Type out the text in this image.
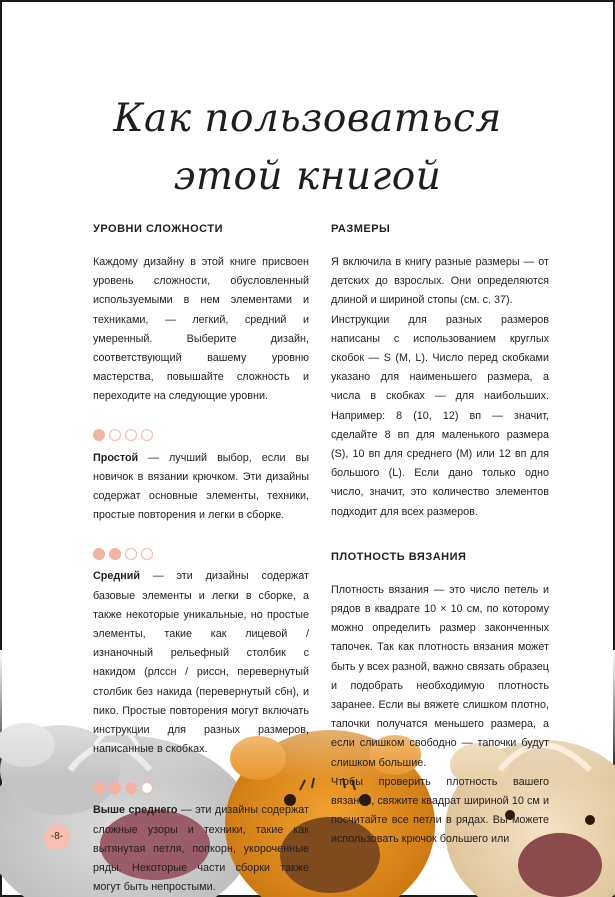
Как пользоваться
этой книгой
УРОВНИ СЛОЖНОСТИ

Каждому дизайну в этой книге присвоен уровень сложности, обусловленный используемыми в нем элементами и техниками, — легкий, средний и умеренный. Выберите дизайн, соответствующий вашему уровню мастерства, повышайте сложность и переходите на следующие уровни.

Простой — лучший выбор, если вы новичок в вязании крючком. Эти дизайны содержат основные элементы, техники, простые повторения и легки в сборке.

Средний — эти дизайны содержат базовые элементы и легки в сборке, а также некоторые уникальные, но простые элементы, такие как лицевой / изнаночный рельефный столбик с накидом (рлссн / риссн, перевернутый столбик без накида (перевернутый сбн), и пико. Простые повторения могут включать инструкции для разных размеров, написанные в скобках.

Выше среднего — эти дизайны содержат сложные узоры и техники, такие как вытянутая петля, попкорн, укороченные ряды. Некоторые части сборки также могут быть непростыми.

РАЗМЕРЫ

Я включила в книгу разные размеры — от детских до взрослых. Они определяются длиной и шириной стопы (см. с. 37).

Инструкции для разных размеров написаны с использованием круглых скобок — S (M, L). Число перед скобками указано для наименьшего размера, а числа в скобках — для наибольших. Например: 8 (10, 12) вп — значит, сделайте 8 вп для маленького размера (S), 10 вп для среднего (M) или 12 вп для большого (L). Если дано только одно число, значит, это количество элементов подходит для всех размеров.

ПЛОТНОСТЬ ВЯЗАНИЯ

Плотность вязания — это число петель и рядов в квадрате 10 × 10 см, по которому можно определить размер законченных тапочек. Так как плотность вязания может быть у всех разной, важно связать образец и подобрать необходимую плотность заранее. Если вы вяжете слишком плотно, тапочки получатся меньшего размера, а если слишком свободно — тапочки будут слишком большие.

Чтобы проверить плотность вашего вязания, свяжите квадрат шириной 10 см и посчитайте все петли в рядах. Вы можете использовать крючок большего или

-8-
